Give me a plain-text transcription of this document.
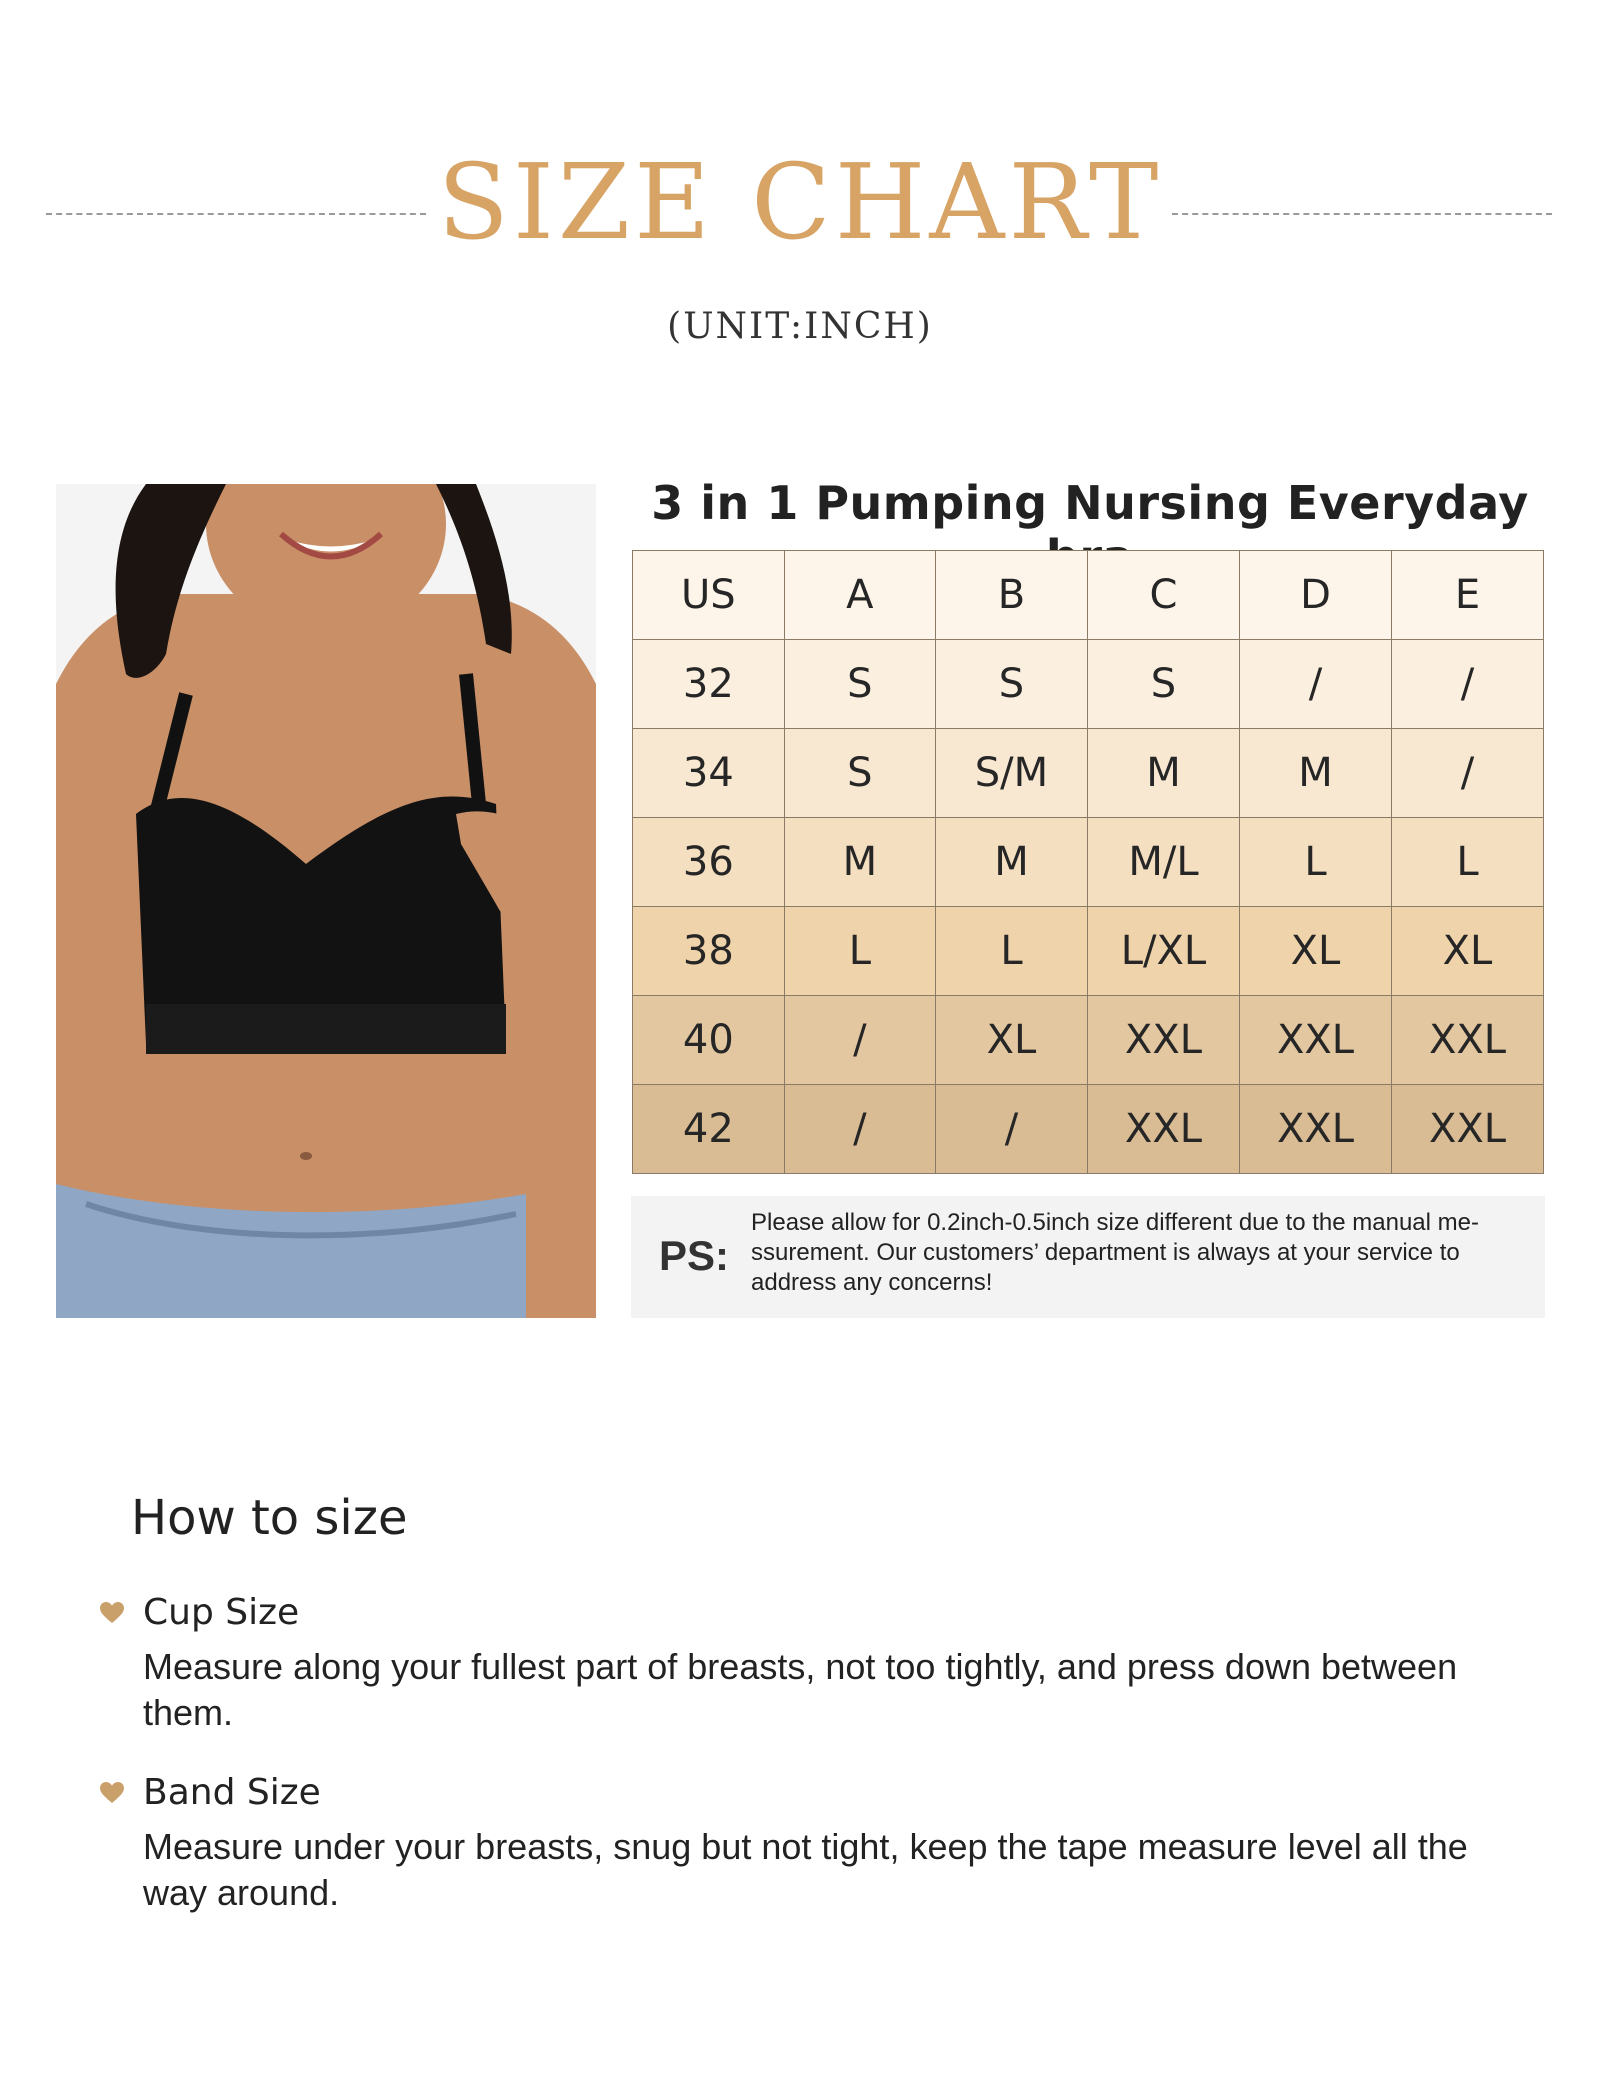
SIZE CHART
(UNIT:INCH)
3 in 1 Pumping Nursing Everyday
US	A	B	C	D	E
32	S	S	S	/	/
34	S	S/M	M	M	/
36	M	M	M/L	L	L
38	L	L	L/XL	XL	XL
40	/	XL	XXL	XXL	XXL
42	/	/	XXL	XXL	XXL
PS:
Please allow for 0.2inch-0.5inch size different due to the manual me-ssurement. Our customers’ department is always at your service to address any concerns!
How to size
Cup Size
Measure along your fullest part of breasts, not too tightly, and press down between them.
Band Size
Measure under your breasts, snug but not tight, keep the tape measure level all the way around.
